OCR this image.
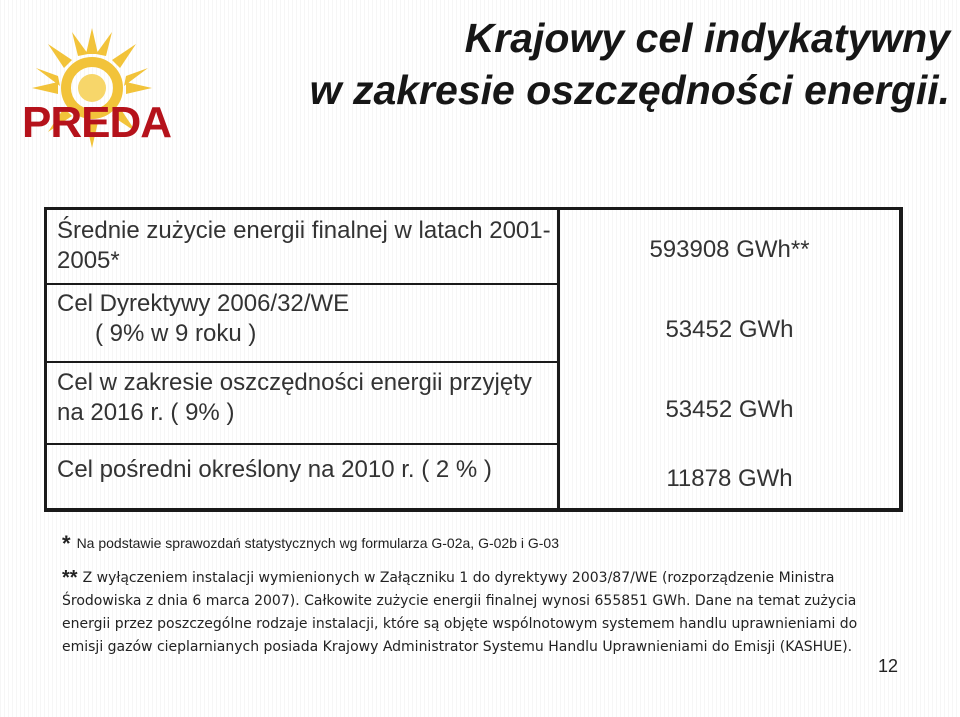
PREDA
Krajowy cel indykatywny
w zakresie oszczędności energii.
Średnie zużycie energii finalnej w latach 2001-2005*
Cel Dyrektywy 2006/32/WE
( 9% w 9 roku )
Cel w zakresie oszczędności energii przyjęty na 2016 r. ( 9% )
Cel pośredni określony na 2010 r. ( 2 % )
593908 GWh**
53452 GWh
53452 GWh
11878 GWh
* Na podstawie sprawozdań statystycznych wg formularza G-02a, G-02b i G-03
** Z wyłączeniem instalacji wymienionych w Załączniku 1 do dyrektywy 2003/87/WE (rozporządzenie Ministra Środowiska z dnia 6 marca 2007). Całkowite zużycie energii finalnej wynosi 655851 GWh. Dane na temat zużycia energii przez poszczególne rodzaje instalacji, które są objęte wspólnotowym systemem handlu uprawnieniami do emisji gazów cieplarnianych posiada Krajowy Administrator Systemu Handlu Uprawnieniami do Emisji (KASHUE).
12
